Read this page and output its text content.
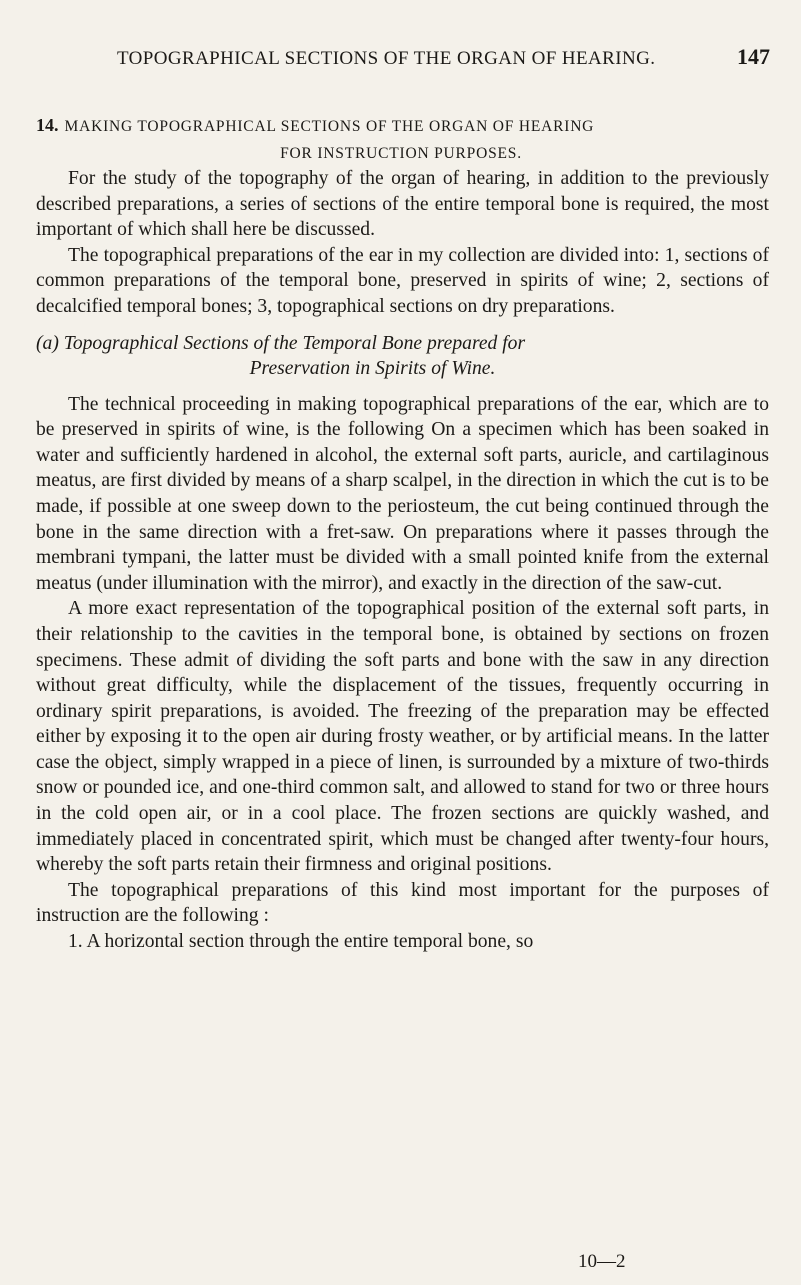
TOPOGRAPHICAL SECTIONS OF THE ORGAN OF HEARING.	147
14. MAKING TOPOGRAPHICAL SECTIONS OF THE ORGAN OF HEARING
FOR INSTRUCTION PURPOSES.

For the study of the topography of the organ of hearing, in addition to the previously described preparations, a series of sections of the entire temporal bone is required, the most important of which shall here be discussed.

The topographical preparations of the ear in my collection are divided into: 1, sections of common preparations of the temporal bone, preserved in spirits of wine; 2, sections of decalcified temporal bones; 3, topographical sections on dry preparations.

(a) Topographical Sections of the Temporal Bone prepared for
Preservation in Spirits of Wine.

The technical proceeding in making topographical preparations of the ear, which are to be preserved in spirits of wine, is the following On a specimen which has been soaked in water and sufficiently hardened in alcohol, the external soft parts, auricle, and cartilaginous meatus, are first divided by means of a sharp scalpel, in the direction in which the cut is to be made, if possible at one sweep down to the periosteum, the cut being continued through the bone in the same direction with a fret-saw. On preparations where it passes through the membrani tympani, the latter must be divided with a small pointed knife from the external meatus (under illumination with the mirror), and exactly in the direction of the saw-cut.

A more exact representation of the topographical position of the external soft parts, in their relationship to the cavities in the temporal bone, is obtained by sections on frozen specimens. These admit of dividing the soft parts and bone with the saw in any direction without great difficulty, while the displacement of the tissues, frequently occurring in ordinary spirit preparations, is avoided. The freezing of the preparation may be effected either by exposing it to the open air during frosty weather, or by artificial means. In the latter case the object, simply wrapped in a piece of linen, is surrounded by a mixture of two-thirds snow or pounded ice, and one-third common salt, and allowed to stand for two or three hours in the cold open air, or in a cool place. The frozen sections are quickly washed, and immediately placed in concentrated spirit, which must be changed after twenty-four hours, whereby the soft parts retain their firmness and original positions.

The topographical preparations of this kind most important for the purposes of instruction are the following :

1. A horizontal section through the entire temporal bone, so

10—2
